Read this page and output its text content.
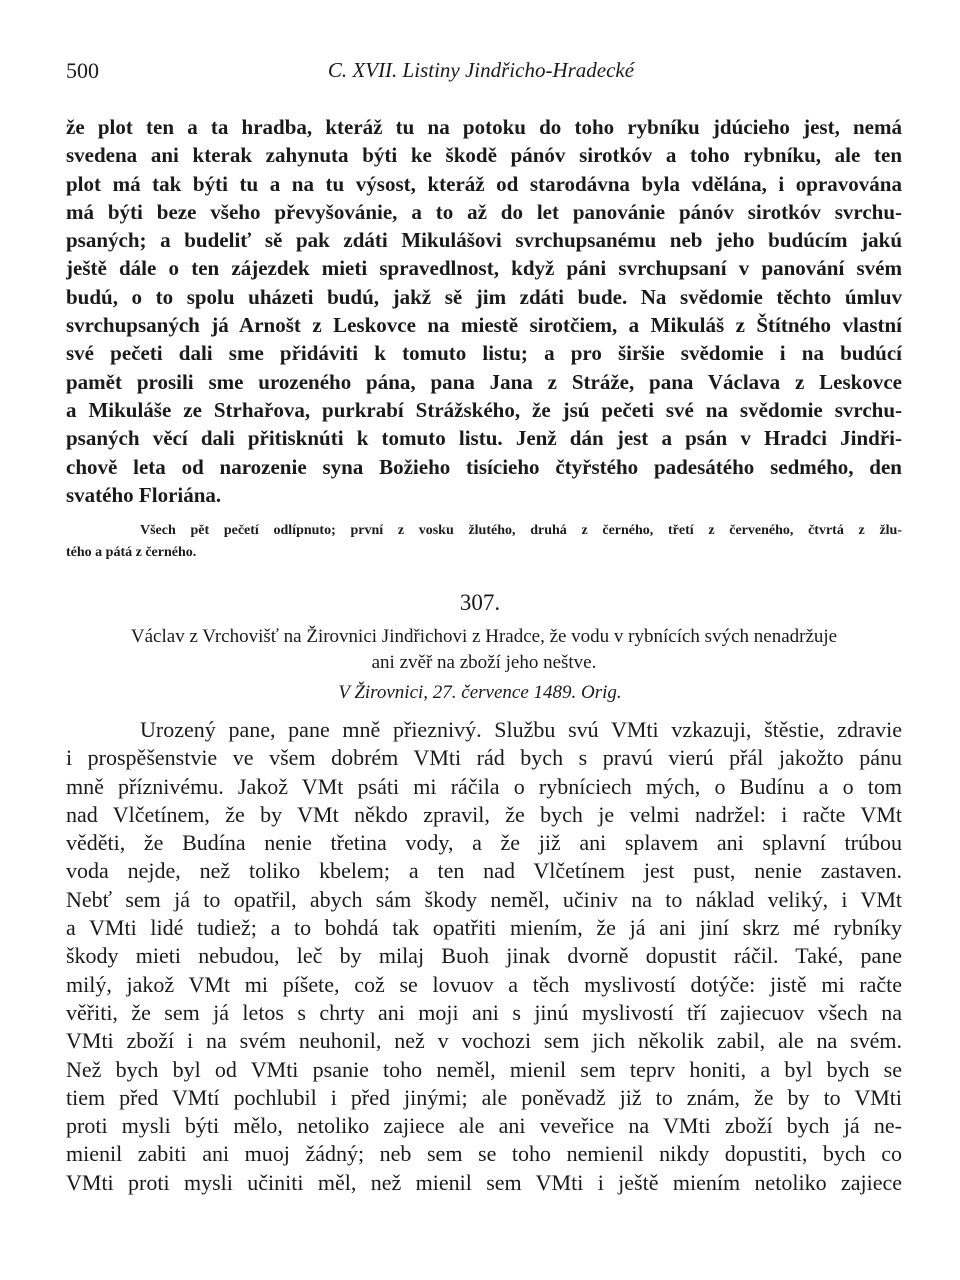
500	C. XVII. Listiny Jindřicho-Hradecké
že plot ten a ta hradba, kteráž tu na potoku do toho rybníku jdúcieho jest, nemá
svedena ani kterak zahynuta býti ke škodě pánóv sirotkóv a toho rybníku, ale ten
plot má tak býti tu a na tu výsost, kteráž od starodávna byla vdělána, i opravována
má býti beze všeho převyšovánie, a to až do let panovánie pánóv sirotkóv svrchu-
psaných; a budeliť sě pak zdáti Mikulášovi svrchupsanému neb jeho budúcím jakú
ještě dále o ten zájezdek mieti spravedlnost, když páni svrchupsaní v panování svém
budú, o to spolu uházeti budú, jakž sě jim zdáti bude. Na svědomie těchto úmluv
svrchupsaných já Arnošt z Leskovce na miestě sirotčiem, a Mikuláš z Štítného vlastní
své pečeti dali sme přidáviti k tomuto listu; a pro širšie svědomie i na budúcí
pamět prosili sme urozeného pána, pana Jana z Stráže, pana Václava z Leskovce
a Mikuláše ze Strhařova, purkrabí Strážského, že jsú pečeti své na svědomie svrchu-
psaných věcí dali přitisknúti k tomuto listu. Jenž dán jest a psán v Hradci Jindři-
chově leta od narozenie syna Božieho tisícieho čtyřstého padesátého sedmého, den
svatého Floriána.
Všech pět pečetí odlípnuto; první z vosku žlutého, druhá z černého, třetí z červeného, čtvrtá z žlu-
tého a pátá z černého.
307.
Václav z Vrchovišť na Žirovnici Jindřichovi z Hradce, že vodu v rybnících svých nenadržuje
ani zvěř na zboží jeho neštve.
V Žirovnici, 27. července 1489. Orig.
Urozený pane, pane mně přieznivý. Službu svú VMti vzkazuji, štěstie, zdravie
i prospěšenstvie ve všem dobrém VMti rád bych s pravú vierú přál jakožto pánu
mně příznivému. Jakož VMt psáti mi ráčila o rybníciech mých, o Budínu a o tom
nad Vlčetínem, že by VMt někdo zpravil, že bych je velmi nadržel: i račte VMt
věděti, že Budína nenie třetina vody, a že již ani splavem ani splavní trúbou
voda nejde, než toliko kbelem; a ten nad Vlčetínem jest pust, nenie zastaven.
Nebť sem já to opatřil, abych sám škody neměl, učiniv na to náklad veliký, i VMt
a VMti lidé tudiež; a to bohdá tak opatřiti miením, že já ani jiní skrz mé rybníky
škody mieti nebudou, leč by milaj Buoh jinak dvorně dopustit ráčil. Také, pane
milý, jakož VMt mi píšete, což se lovuov a těch myslivostí dotýče: jistě mi račte
věřiti, že sem já letos s chrty ani moji ani s jinú myslivostí tří zajiecuov všech na
VMti zboží i na svém neuhonil, než v vochozi sem jich několik zabil, ale na svém.
Než bych byl od VMti psanie toho neměl, mienil sem teprv honiti, a byl bych se
tiem před VMtí pochlubil i před jinými; ale poněvadž již to znám, že by to VMti
proti mysli býti mělo, netoliko zajiece ale ani veveřice na VMti zboží bych já ne-
mienil zabiti ani muoj žádný; neb sem se toho nemienil nikdy dopustiti, bych co
VMti proti mysli učiniti měl, než mienil sem VMti i ještě miením netoliko zajiece
